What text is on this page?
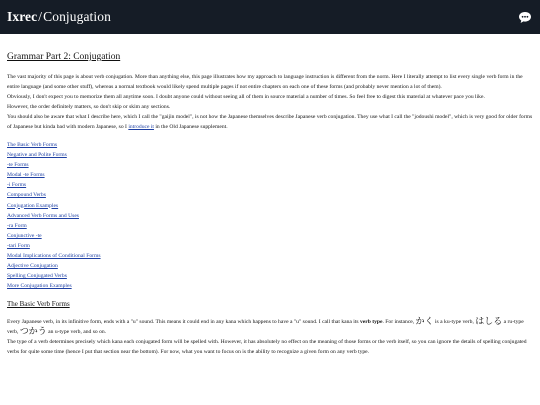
Ixrec / Conjugation
Grammar Part 2: Conjugation

The vast majority of this page is about verb conjugation. More than anything else, this page illustrates how my approach to language instruction is different from the norm. Here I literally attempt to list every single verb form in the entire language (and some other stuff), whereas a normal textbook would likely spend multiple pages if not entire chapters on each one of these forms (and probably never mention a lot of them).

Obviously, I don't expect you to memorize them all anytime soon. I doubt anyone could without seeing all of them in source material a number of times. So feel free to digest this material at whatever pace you like.

However, the order definitely matters, so don't skip or skim any sections.

You should also be aware that what I describe here, which I call the "gaijin model", is not how the Japanese themselves describe Japanese verb conjugation. They use what I call the "jodoushi model", which is very good for older forms of Japanese but kinda bad with modern Japanese, so I introduce it in the Old Japanese supplement.

The Basic Verb Forms
Negative and Polite Forms
-te Forms
Modal -te Forms
-i Forms
Compound Verbs
Conjugation Examples
Advanced Verb Forms and Uses
-ra Form
Conjunctive -te
-tari Form
Modal Implications of Conditional Forms
Adjective Conjugation
Spelling Conjugated Verbs
More Conjugation Examples
The Basic Verb Forms

Every Japanese verb, in its infinitive form, ends with a "u" sound. This means it could end in any kana which happens to have a "u" sound. I call that kana its verb type. For instance, かく is a ku-type verb, はしる a ru-type verb, つかう an u-type verb, and so on.

The type of a verb determines precisely which kana each conjugated form will be spelled with. However, it has absolutely no effect on the meaning of those forms or the verb itself, so you can ignore the details of spelling conjugated verbs for quite some time (hence I put that section near the bottom). For now, what you want to focus on is the ability to recognize a given form on any verb type.
